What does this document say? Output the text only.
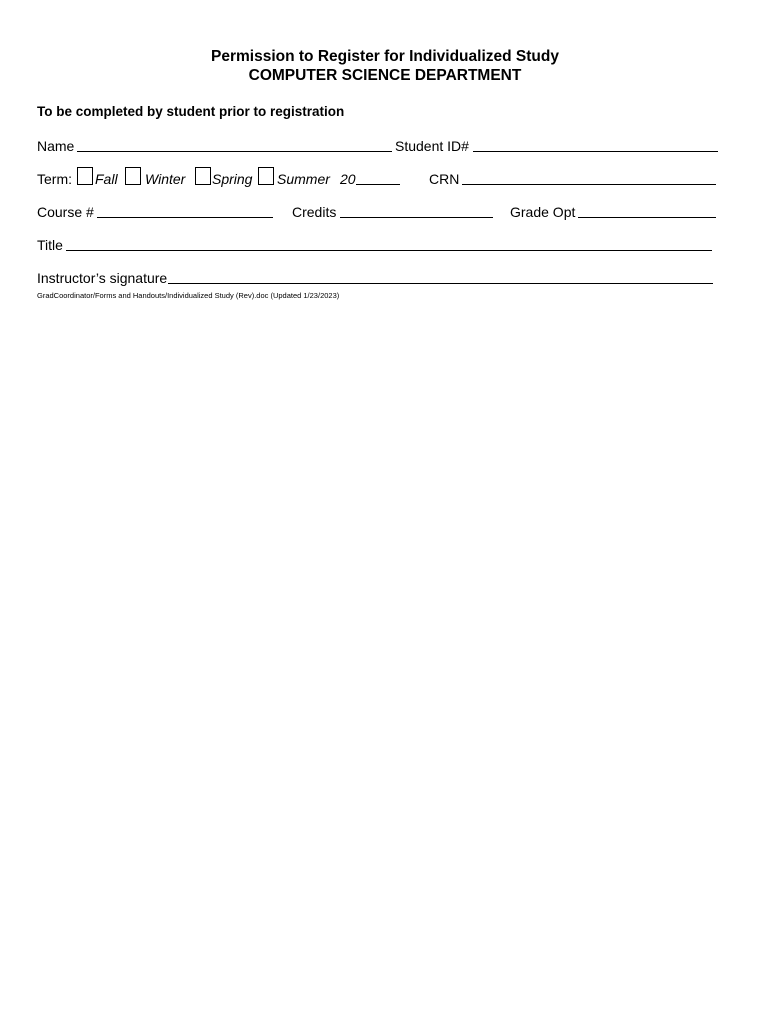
Permission to Register for Individualized Study
COMPUTER SCIENCE DEPARTMENT
To be completed by student prior to registration
Name	Student ID#
Term: Fall Winter Spring Summer 20	CRN
Course #	Credits	Grade Opt
Title
Instructor’s signature
GradCoordinator/Forms and Handouts/Individualized Study (Rev).doc (Updated 1/23/2023)
